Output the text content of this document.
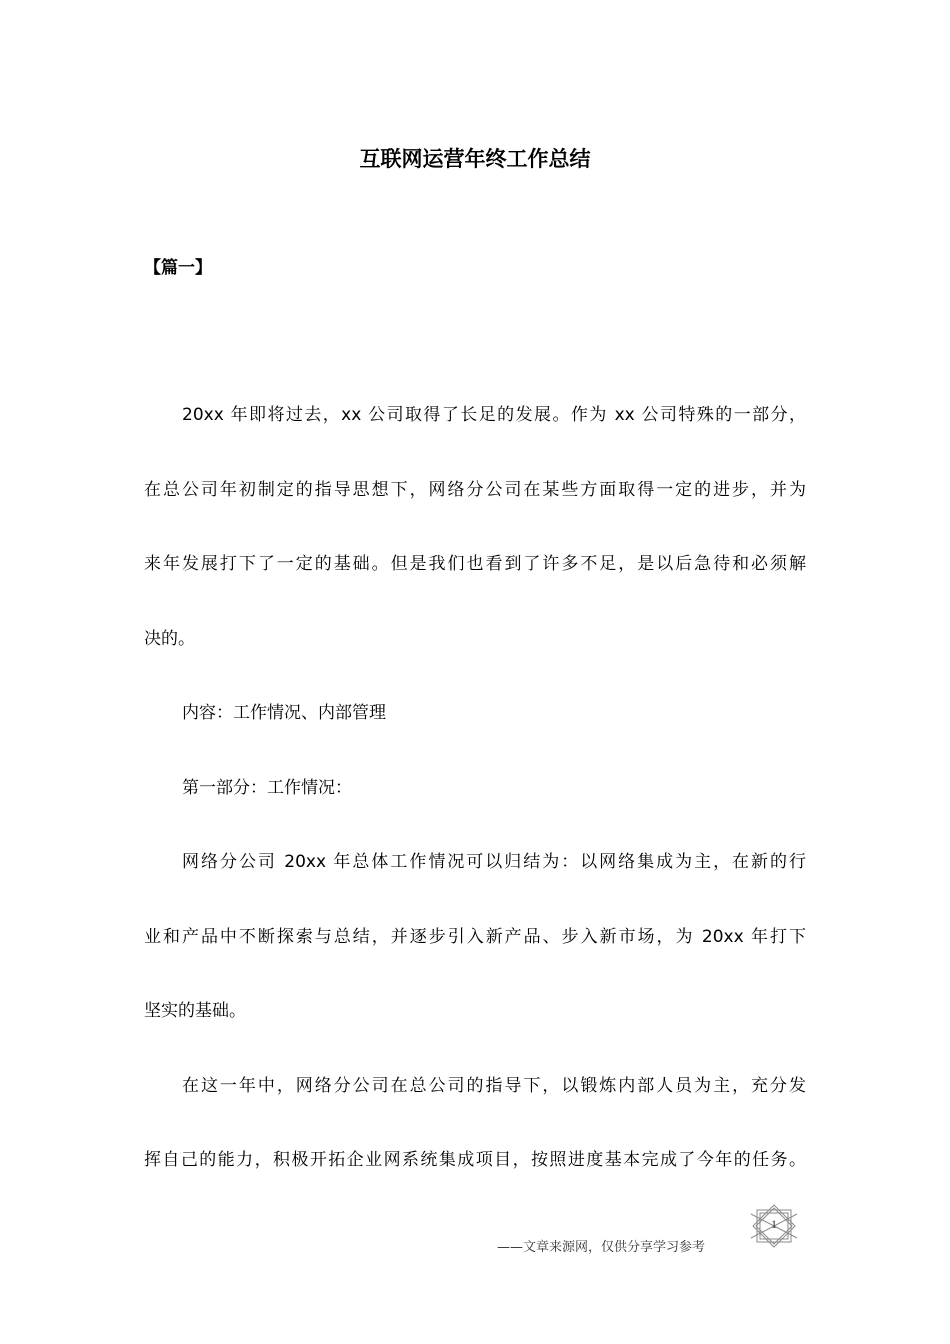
互联网运营年终工作总结
【篇一】
20xx 年即将过去，xx 公司取得了长足的发展。作为 xx 公司特殊的一部分，
在总公司年初制定的指导思想下，网络分公司在某些方面取得一定的进步，并为
来年发展打下了一定的基础。但是我们也看到了许多不足，是以后急待和必须解
决的。
内容：工作情况、内部管理
第一部分：工作情况：
网络分公司 20xx 年总体工作情况可以归结为：以网络集成为主，在新的行
业和产品中不断探索与总结，并逐步引入新产品、步入新市场，为 20xx 年打下
坚实的基础。
在这一年中，网络分公司在总公司的指导下，以锻炼内部人员为主，充分发
挥自己的能力，积极开拓企业网系统集成项目，按照进度基本完成了今年的任务。
——文章来源网，仅供分享学习参考
1
